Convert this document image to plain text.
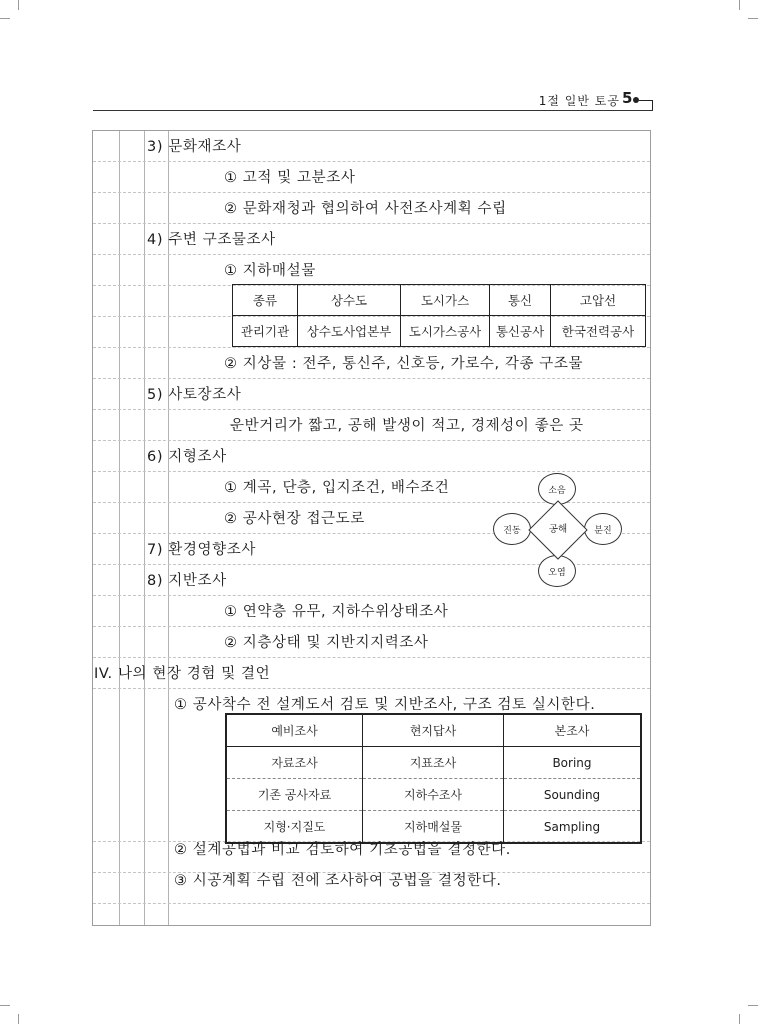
1절 일반 토공 5
3) 문화재조사
① 고적 및 고분조사
② 문화재청과 협의하여 사전조사계획 수립
4) 주변 구조물조사
① 지하매설물
종류	상수도	도시가스	통신	고압선
관리기관	상수도사업본부	도시가스공사	통신공사	한국전력공사
② 지상물 : 전주, 통신주, 신호등, 가로수, 각종 구조물
5) 사토장조사
운반거리가 짧고, 공해 발생이 적고, 경제성이 좋은 곳
6) 지형조사
① 계곡, 단층, 입지조건, 배수조건
② 공사현장 접근도로
7) 환경영향조사
8) 지반조사
① 연약층 유무, 지하수위상태조사
② 지층상태 및 지반지지력조사
IV. 나의 현장 경험 및 결언
① 공사착수 전 설계도서 검토 및 지반조사, 구조 검토 실시한다.
소음
진동	분진
오염
공해
예비조사	현지답사	본조사
자료조사	지표조사	Boring
기존 공사자료	지하수조사	Sounding
지형·지질도	지하매설물	Sampling
② 설계공법과 비교 검토하여 기초공법을 결정한다.
③ 시공계획 수립 전에 조사하여 공법을 결정한다.
